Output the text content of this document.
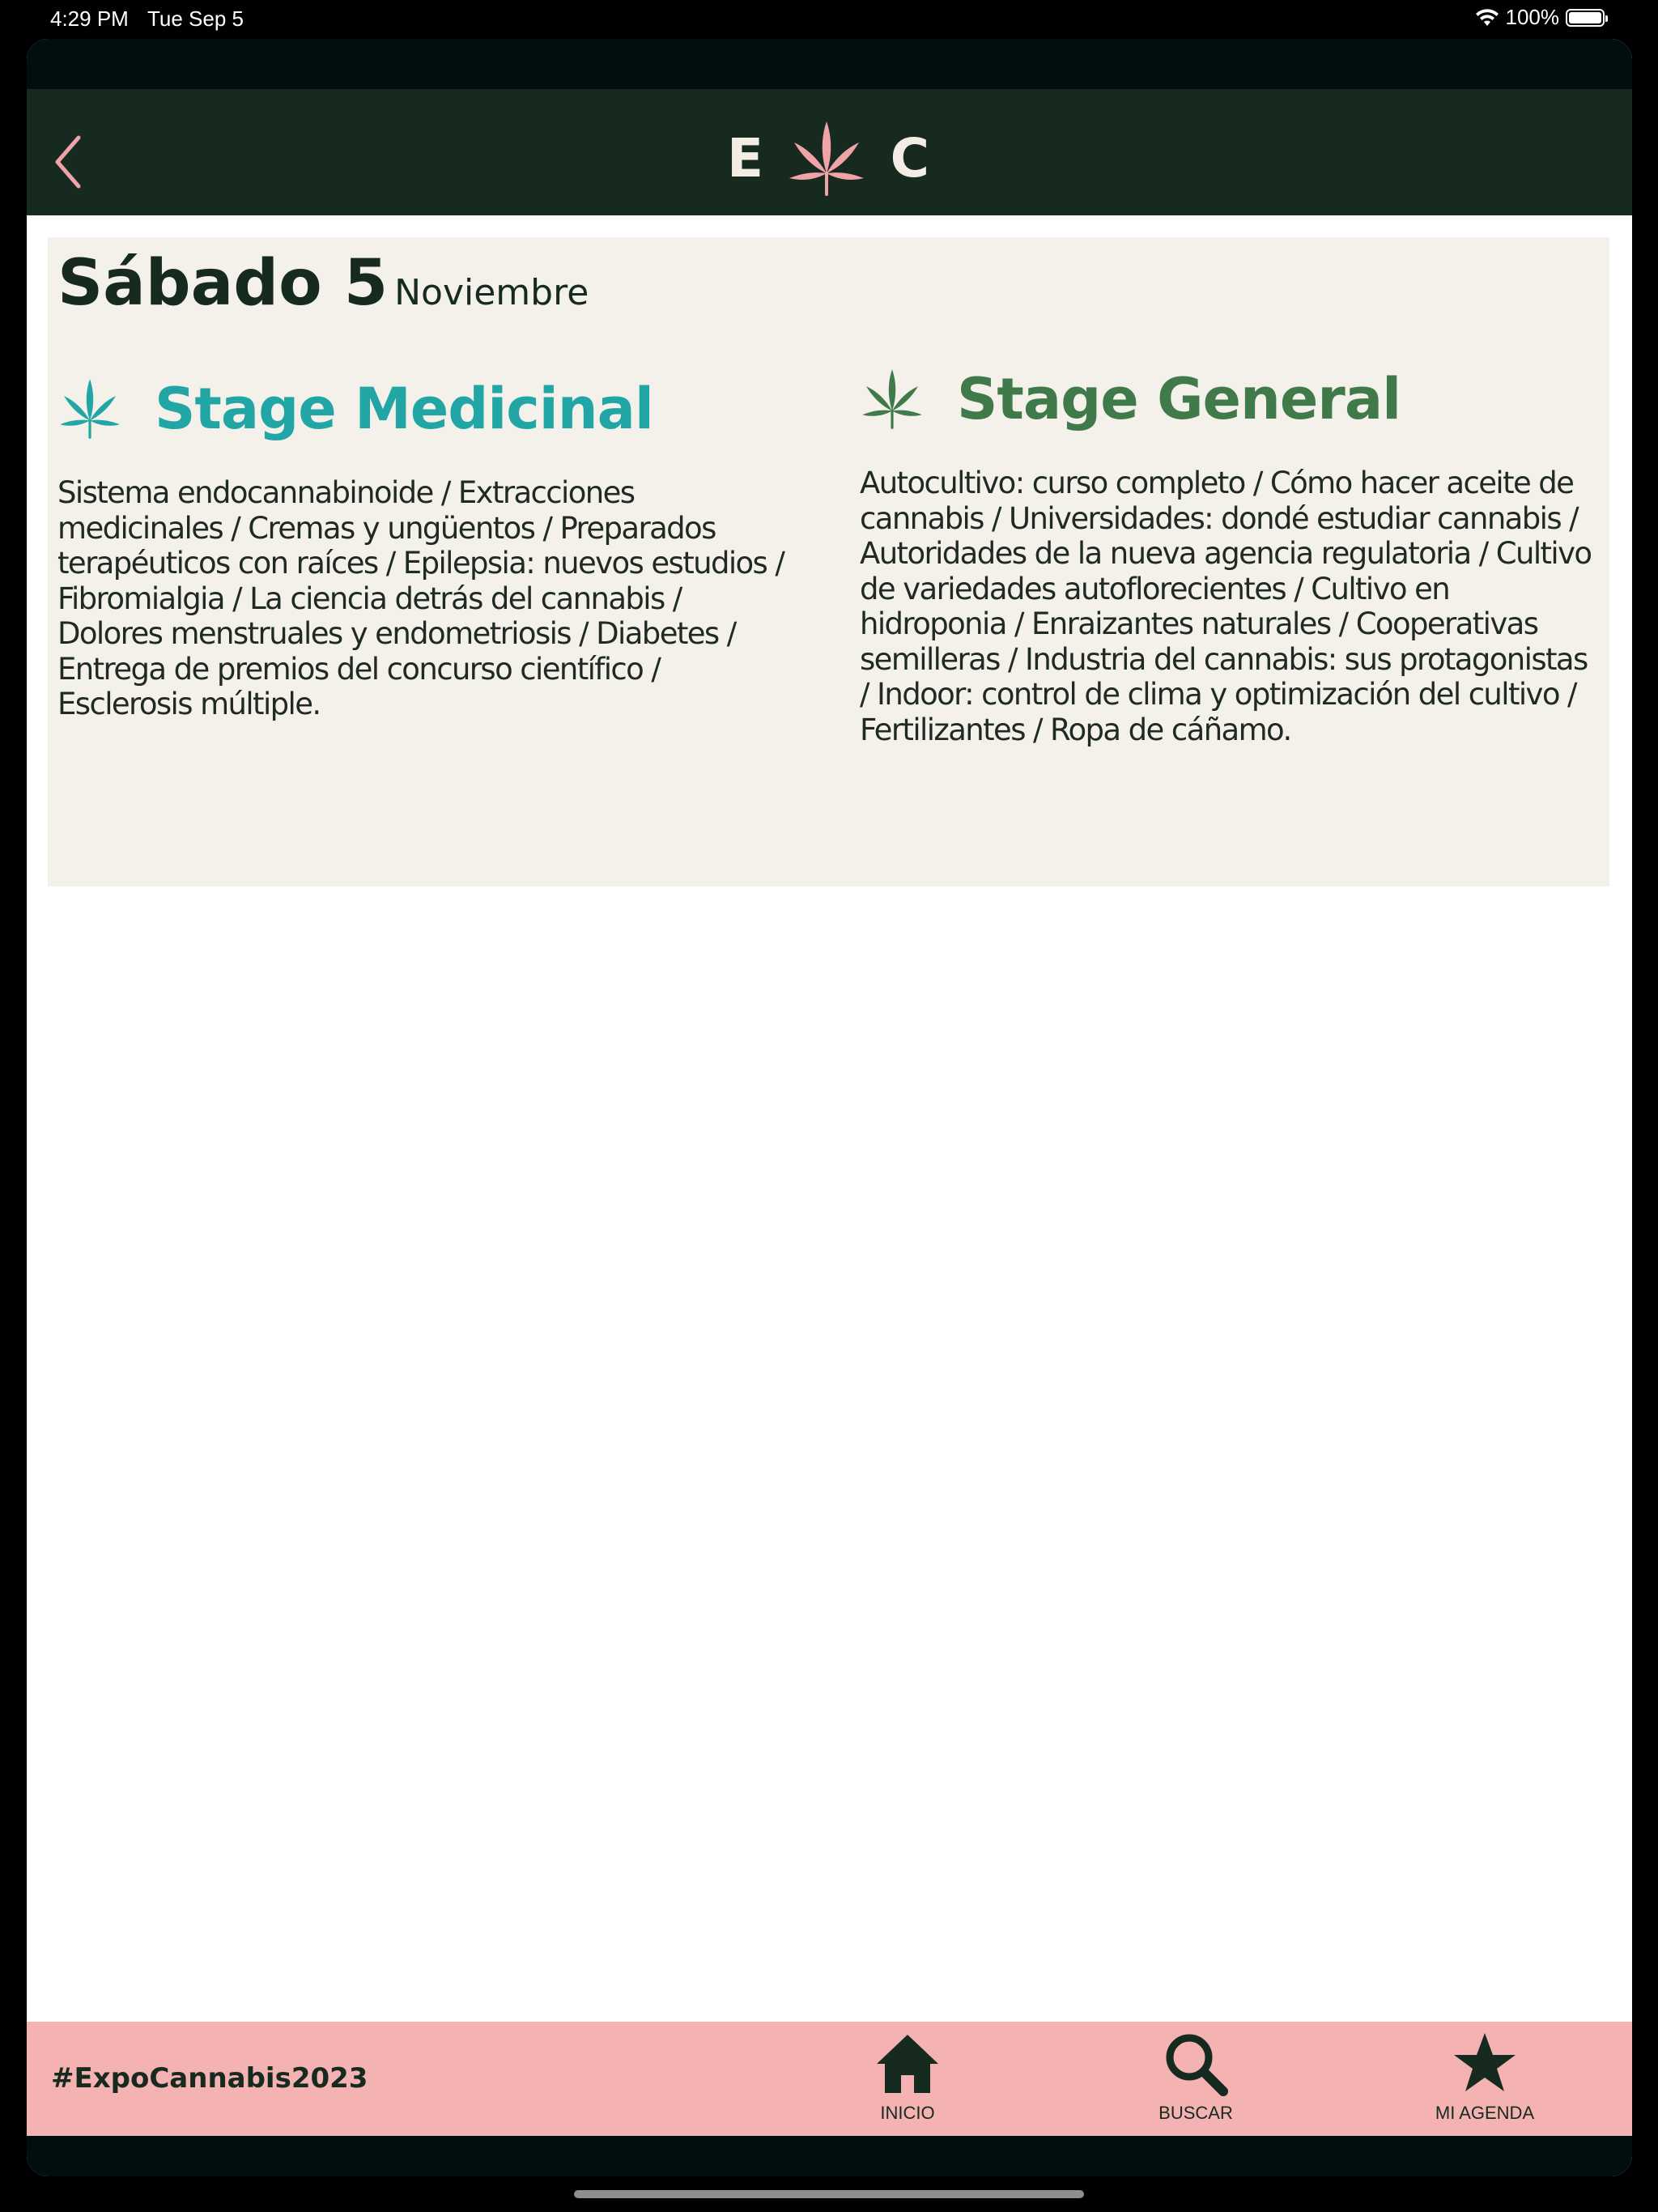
4:29 PM Tue Sep 5	100%
E C
Sábado 5 Noviembre
Stage Medicinal
Sistema endocannabinoide / Extracciones medicinales / Cremas y ungüentos / Preparados terapéuticos con raíces / Epilepsia: nuevos estudios / Fibromialgia / La ciencia detrás del cannabis / Dolores menstruales y endometriosis / Diabetes / Entrega de premios del concurso científico / Esclerosis múltiple.
Stage General
Autocultivo: curso completo / Cómo hacer aceite de cannabis / Universidades: dondé estudiar cannabis / Autoridades de la nueva agencia regulatoria / Cultivo de variedades autoflorecientes / Cultivo en hidroponia / Enraizantes naturales / Cooperativas semilleras / Industria del cannabis: sus protagonistas / Indoor: control de clima y optimización del cultivo / Fertilizantes / Ropa de cáñamo.
#ExpoCannabis2023
INICIO	BUSCAR	MI AGENDA
